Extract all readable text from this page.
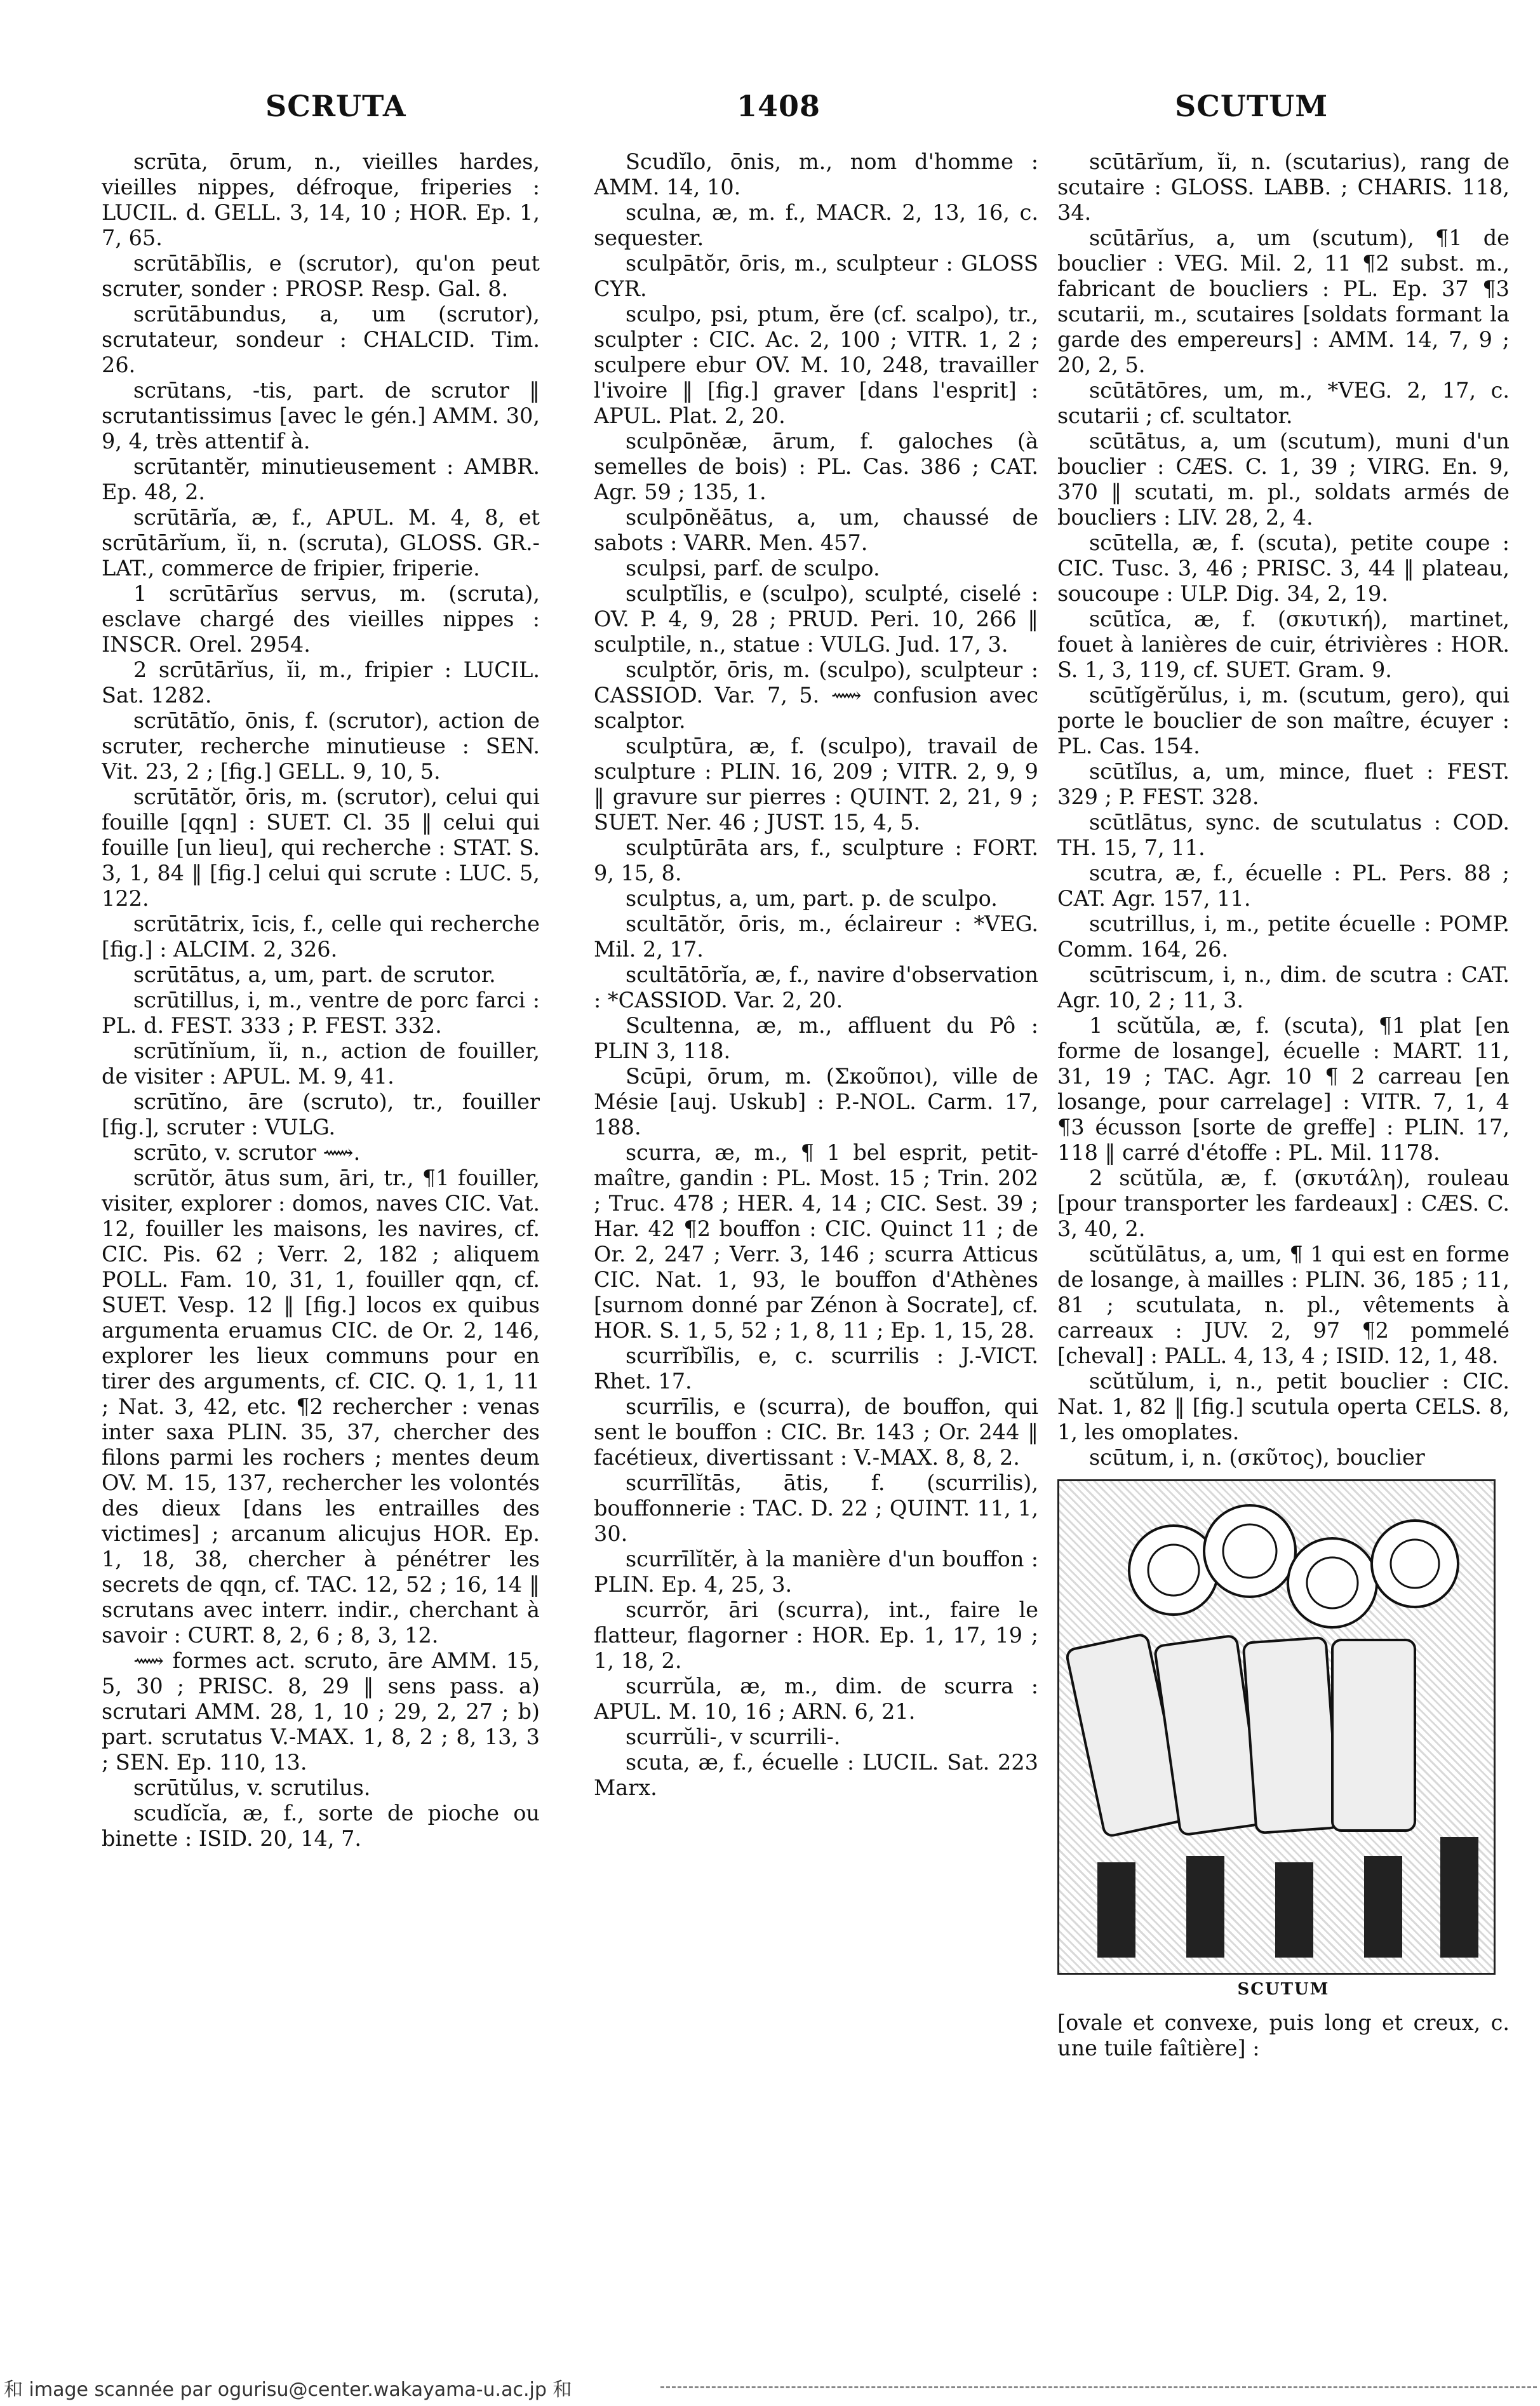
SCRUTA	1408	SCUTUM

scrūta, ōrum, n., vieilles hardes, vieilles nippes, défroque, friperies : LUCIL. d. GELL. 3, 14, 10 ; HOR. Ep. 1, 7, 65.

scrūtābĭlis, e (scrutor), qu'on peut scruter, sonder : PROSP. Resp. Gal. 8.

scrūtābundus, a, um (scrutor), scrutateur, sondeur : CHALCID. Tim. 26.

scrūtans, -tis, part. de scrutor ‖ scrutantissimus [avec le gén.] AMM. 30, 9, 4, très attentif à.

scrūtantĕr, minutieusement : AMBR. Ep. 48, 2.

scrūtārĭa, æ, f., APUL. M. 4, 8, et scrūtārĭum, ĭi, n. (scruta), GLOSS. GR.-LAT., commerce de fripier, friperie.

1 scrūtārĭus servus, m. (scruta), esclave chargé des vieilles nippes : INSCR. Orel. 2954.

2 scrūtārĭus, ĭi, m., fripier : LUCIL. Sat. 1282.

scrūtātĭo, ōnis, f. (scrutor), action de scruter, recherche minutieuse : SEN. Vit. 23, 2 ; [fig.] GELL. 9, 10, 5.

scrūtātŏr, ōris, m. (scrutor), celui qui fouille [qqn] : SUET. Cl. 35 ‖ celui qui fouille [un lieu], qui recherche : STAT. S. 3, 1, 84 ‖ [fig.] celui qui scrute : LUC. 5, 122.

scrūtātrix, īcis, f., celle qui recherche [fig.] : ALCIM. 2, 326.

scrūtātus, a, um, part. de scrutor.

scrūtillus, i, m., ventre de porc farci : PL. d. FEST. 333 ; P. FEST. 332.

scrūtĭnĭum, ĭi, n., action de fouiller, de visiter : APUL. M. 9, 41.

scrūtĭno, āre (scruto), tr., fouiller [fig.], scruter : VULG.

scrūto, v. scrutor ⟿.

scrūtŏr, ātus sum, āri, tr., ¶1 fouiller, visiter, explorer : domos, naves CIC. Vat. 12, fouiller les maisons, les navires, cf. CIC. Pis. 62 ; Verr. 2, 182 ; aliquem POLL. Fam. 10, 31, 1, fouiller qqn, cf. SUET. Vesp. 12 ‖ [fig.] locos ex quibus argumenta eruamus CIC. de Or. 2, 146, explorer les lieux communs pour en tirer des arguments, cf. CIC. Q. 1, 1, 11 ; Nat. 3, 42, etc. ¶2 rechercher : venas inter saxa PLIN. 35, 37, chercher des filons parmi les rochers ; mentes deum OV. M. 15, 137, rechercher les volontés des dieux [dans les entrailles des victimes] ; arcanum alicujus HOR. Ep. 1, 18, 38, chercher à pénétrer les secrets de qqn, cf. TAC. 12, 52 ; 16, 14 ‖ scrutans avec interr. indir., cherchant à savoir : CURT. 8, 2, 6 ; 8, 3, 12.

⟿ formes act. scruto, āre AMM. 15, 5, 30 ; PRISC. 8, 29 ‖ sens pass. a) scrutari AMM. 28, 1, 10 ; 29, 2, 27 ; b) part. scrutatus V.-MAX. 1, 8, 2 ; 8, 13, 3 ; SEN. Ep. 110, 13.

scrūtŭlus, v. scrutilus.

scudĭcĭa, æ, f., sorte de pioche ou binette : ISID. 20, 14, 7.

Scudĭlo, ōnis, m., nom d'homme : AMM. 14, 10.

sculna, æ, m. f., MACR. 2, 13, 16, c. sequester.

sculpātŏr, ōris, m., sculpteur : GLOSS CYR.

sculpo, psi, ptum, ĕre (cf. scalpo), tr., sculpter : CIC. Ac. 2, 100 ; VITR. 1, 2 ; sculpere ebur OV. M. 10, 248, travailler l'ivoire ‖ [fig.] graver [dans l'esprit] : APUL. Plat. 2, 20.

sculpōnĕæ, ārum, f. galoches (à semelles de bois) : PL. Cas. 386 ; CAT. Agr. 59 ; 135, 1.

sculpōnĕātus, a, um, chaussé de sabots : VARR. Men. 457.

sculpsi, parf. de sculpo.

sculptĭlis, e (sculpo), sculpté, ciselé : OV. P. 4, 9, 28 ; PRUD. Peri. 10, 266 ‖ sculptile, n., statue : VULG. Jud. 17, 3.

sculptŏr, ōris, m. (sculpo), sculpteur : CASSIOD. Var. 7, 5. ⟿ confusion avec scalptor.

sculptūra, æ, f. (sculpo), travail de sculpture : PLIN. 16, 209 ; VITR. 2, 9, 9 ‖ gravure sur pierres : QUINT. 2, 21, 9 ; SUET. Ner. 46 ; JUST. 15, 4, 5.

sculptūrāta ars, f., sculpture : FORT. 9, 15, 8.

sculptus, a, um, part. p. de sculpo.

scultātŏr, ōris, m., éclaireur : *VEG. Mil. 2, 17.

scultātōrĭa, æ, f., navire d'observation : *CASSIOD. Var. 2, 20.

Scultenna, æ, m., affluent du Pô : PLIN 3, 118.

Scūpi, ōrum, m. (Σκοῦποι), ville de Mésie [auj. Uskub] : P.-NOL. Carm. 17, 188.

scurra, æ, m., ¶ 1 bel esprit, petit-maître, gandin : PL. Most. 15 ; Trin. 202 ; Truc. 478 ; HER. 4, 14 ; CIC. Sest. 39 ; Har. 42 ¶2 bouffon : CIC. Quinct 11 ; de Or. 2, 247 ; Verr. 3, 146 ; scurra Atticus CIC. Nat. 1, 93, le bouffon d'Athènes [surnom donné par Zénon à Socrate], cf. HOR. S. 1, 5, 52 ; 1, 8, 11 ; Ep. 1, 15, 28.

scurrĭbĭlis, e, c. scurrilis : J.-VICT. Rhet. 17.

scurrīlis, e (scurra), de bouffon, qui sent le bouffon : CIC. Br. 143 ; Or. 244 ‖ facétieux, divertissant : V.-MAX. 8, 8, 2.

scurrīlĭtās, ātis, f. (scurrilis), bouffonnerie : TAC. D. 22 ; QUINT. 11, 1, 30.

scurrīlĭtĕr, à la manière d'un bouffon : PLIN. Ep. 4, 25, 3.

scurrŏr, āri (scurra), int., faire le flatteur, flagorner : HOR. Ep. 1, 17, 19 ; 1, 18, 2.

scurrŭla, æ, m., dim. de scurra : APUL. M. 10, 16 ; ARN. 6, 21.

scurrŭli-, v scurrili-.

scuta, æ, f., écuelle : LUCIL. Sat. 223 Marx.

scūtārĭum, ĭi, n. (scutarius), rang de scutaire : GLOSS. LABB. ; CHARIS. 118, 34.

scūtārĭus, a, um (scutum), ¶1 de bouclier : VEG. Mil. 2, 11 ¶2 subst. m., fabricant de boucliers : PL. Ep. 37 ¶3 scutarii, m., scutaires [soldats formant la garde des empereurs] : AMM. 14, 7, 9 ; 20, 2, 5.

scūtātōres, um, m., *VEG. 2, 17, c. scutarii ; cf. scultator.

scūtātus, a, um (scutum), muni d'un bouclier : CÆS. C. 1, 39 ; VIRG. En. 9, 370 ‖ scutati, m. pl., soldats armés de boucliers : LIV. 28, 2, 4.

scūtella, æ, f. (scuta), petite coupe : CIC. Tusc. 3, 46 ; PRISC. 3, 44 ‖ plateau, soucoupe : ULP. Dig. 34, 2, 19.

scūtĭca, æ, f. (σκυτική), martinet, fouet à lanières de cuir, étrivières : HOR. S. 1, 3, 119, cf. SUET. Gram. 9.

scūtĭgĕrŭlus, i, m. (scutum, gero), qui porte le bouclier de son maître, écuyer : PL. Cas. 154.

scūtĭlus, a, um, mince, fluet : FEST. 329 ; P. FEST. 328.

scūtlātus, sync. de scutulatus : COD. TH. 15, 7, 11.

scutra, æ, f., écuelle : PL. Pers. 88 ; CAT. Agr. 157, 11.

scutrillus, i, m., petite écuelle : POMP. Comm. 164, 26.

scūtriscum, i, n., dim. de scutra : CAT. Agr. 10, 2 ; 11, 3.

1 scŭtŭla, æ, f. (scuta), ¶1 plat [en forme de losange], écuelle : MART. 11, 31, 19 ; TAC. Agr. 10 ¶ 2 carreau [en losange, pour carrelage] : VITR. 7, 1, 4 ¶3 écusson [sorte de greffe] : PLIN. 17, 118 ‖ carré d'étoffe : PL. Mil. 1178.

2 scŭtŭla, æ, f. (σκυτάλη), rouleau [pour transporter les fardeaux] : CÆS. C. 3, 40, 2.

scŭtŭlātus, a, um, ¶ 1 qui est en forme de losange, à mailles : PLIN. 36, 185 ; 11, 81 ; scutulata, n. pl., vêtements à carreaux : JUV. 2, 97 ¶2 pommelé [cheval] : PALL. 4, 13, 4 ; ISID. 12, 1, 48.

scŭtŭlum, i, n., petit bouclier : CIC. Nat. 1, 82 ‖ [fig.] scutula operta CELS. 8, 1, les omoplates.

scūtum, i, n. (σκῦτος), bouclier

SCUTUM

[ovale et convexe, puis long et creux, c. une tuile faîtière] :

和 image scannée par ogurisu@center.wakayama-u.ac.jp 和
